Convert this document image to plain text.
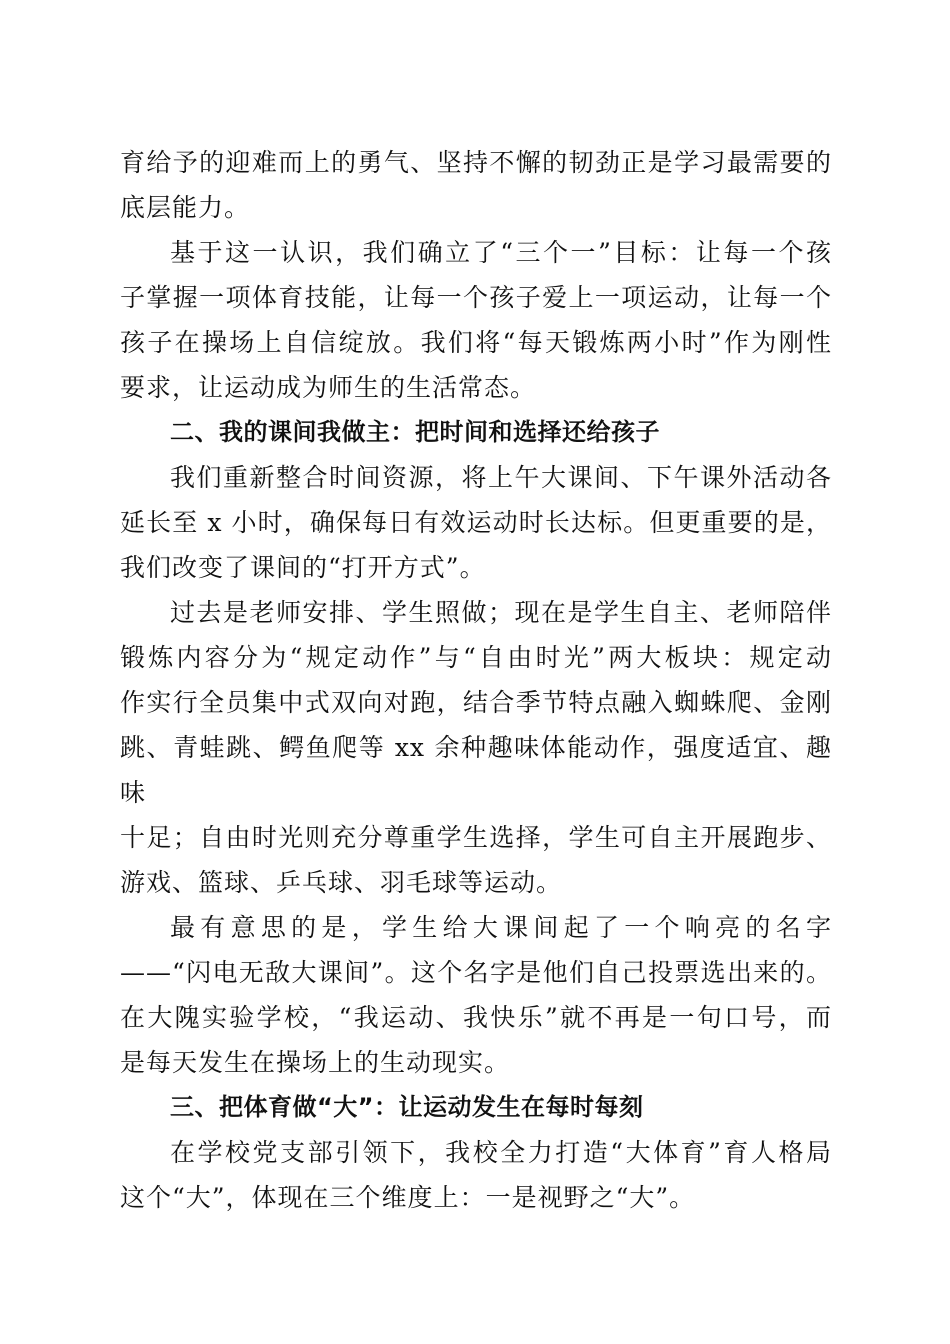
育给予的迎难而上的勇气、坚持不懈的韧劲正是学习最需要的
底层能力。

基于这一认识，我们确立了“三个一”目标：让每一个孩
子掌握一项体育技能，让每一个孩子爱上一项运动，让每一个
孩子在操场上自信绽放。我们将“每天锻炼两小时”作为刚性
要求，让运动成为师生的生活常态。

二、我的课间我做主：把时间和选择还给孩子

我们重新整合时间资源，将上午大课间、下午课外活动各
延长至 x 小时，确保每日有效运动时长达标。但更重要的是，
我们改变了课间的“打开方式”。

过去是老师安排、学生照做；现在是学生自主、老师陪伴
锻炼内容分为“规定动作”与“自由时光”两大板块：规定动
作实行全员集中式双向对跑，结合季节特点融入蜘蛛爬、金刚
跳、青蛙跳、鳄鱼爬等 xx 余种趣味体能动作，强度适宜、趣味
十足；自由时光则充分尊重学生选择，学生可自主开展跑步、
游戏、篮球、乒乓球、羽毛球等运动。

最有意思的是，学生给大课间起了一个响亮的名字
——“闪电无敌大课间”。这个名字是他们自己投票选出来的。
在大隗实验学校，“我运动、我快乐”就不再是一句口号，而
是每天发生在操场上的生动现实。

三、把体育做“大”：让运动发生在每时每刻

在学校党支部引领下，我校全力打造“大体育”育人格局
这个“大”，体现在三个维度上：一是视野之“大”。
